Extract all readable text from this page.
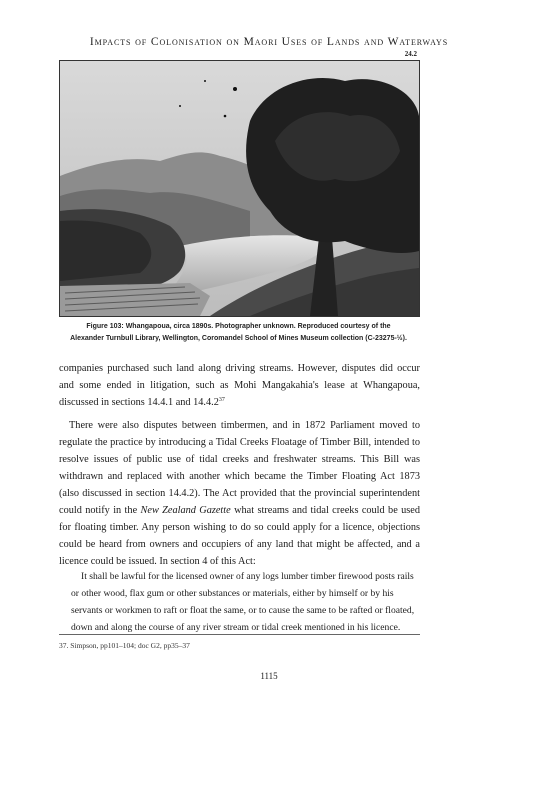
Impacts of Colonisation on Maori Uses of Lands and Waterways
24.2
Figure 103: Whangapoua, circa 1890s. Photographer unknown. Reproduced courtesy of the
Alexander Turnbull Library, Wellington, Coromandel School of Mines Museum collection (C-23275-½).

companies purchased such land along driving streams. However, disputes did occur and some ended in litigation, such as Mohi Mangakahia's lease at Whangapoua, discussed in sections 14.4.1 and 14.4.2$^{37}$

There were also disputes between timbermen, and in 1872 Parliament moved to regulate the practice by introducing a Tidal Creeks Floatage of Timber Bill, intended to resolve issues of public use of tidal creeks and freshwater streams. This Bill was withdrawn and replaced with another which became the Timber Floating Act 1873 (also discussed in section 14.4.2). The Act provided that the provincial superintendent could notify in the New Zealand Gazette what streams and tidal creeks could be used for floating timber. Any person wishing to do so could apply for a licence, objections could be heard from owners and occupiers of any land that might be affected, and a licence could be issued. In section 4 of this Act:

It shall be lawful for the licensed owner of any logs lumber timber firewood posts rails or other wood, flax gum or other substances or materials, either by himself or by his servants or workmen to raft or float the same, or to cause the same to be rafted or floated, down and along the course of any river stream or tidal creek mentioned in his licence.

37. Simpson, pp101–104; doc G2, pp35–37
1115
